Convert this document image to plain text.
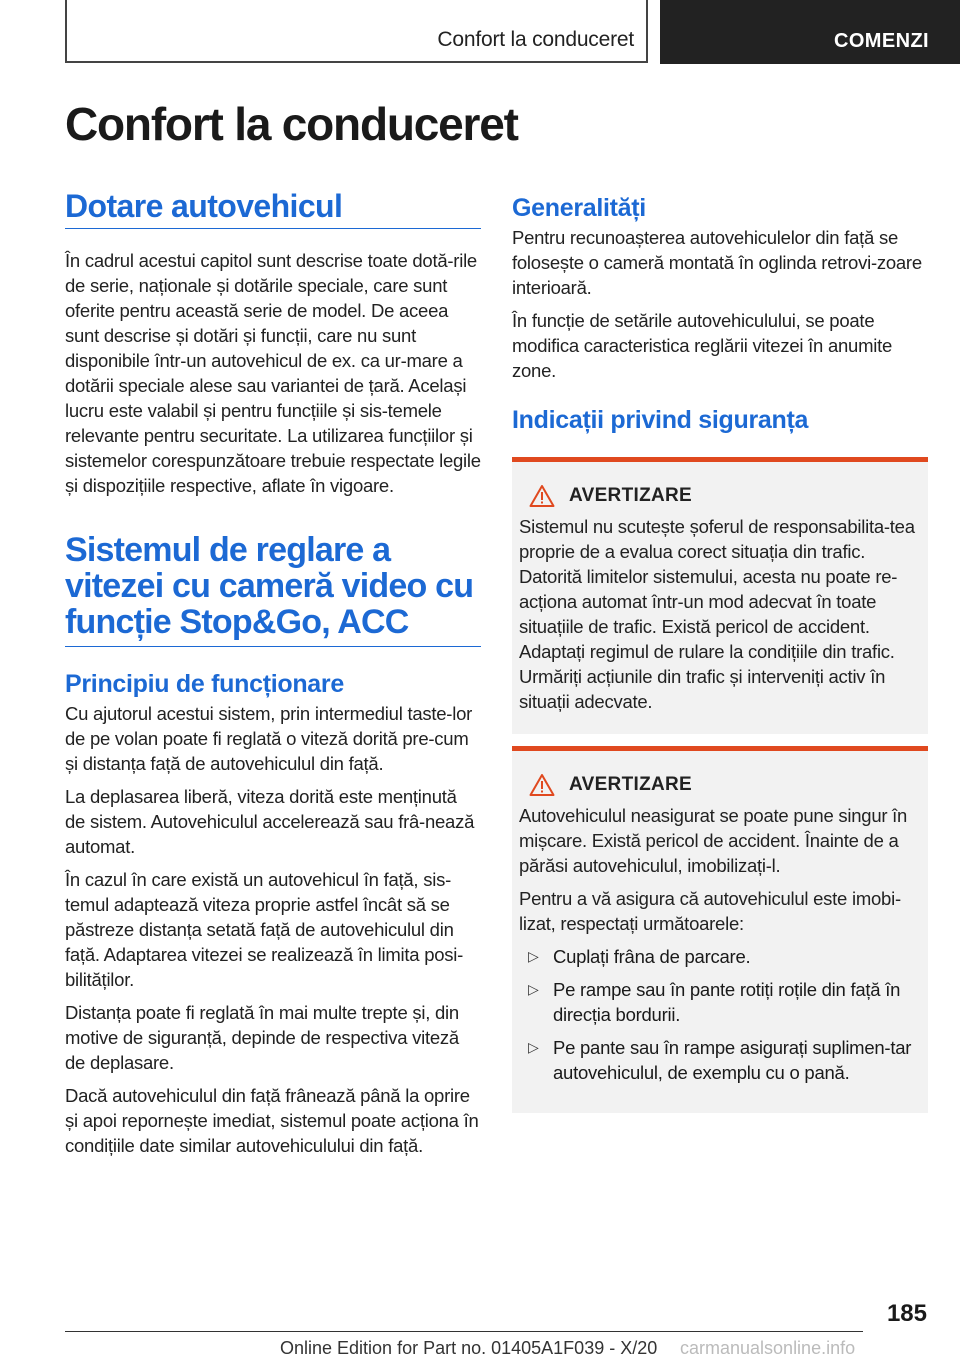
Confort la conduceret	COMENZI
Confort la conduceret
Dotare autovehicul

În cadrul acestui capitol sunt descrise toate dotă-rile de serie, naționale și dotările speciale, care sunt oferite pentru această serie de model. De aceea sunt descrise și dotări și funcții, care nu sunt disponibile într-un autovehicul de ex. ca ur-mare a dotării speciale alese sau variantei de țară. Același lucru este valabil și pentru funcțiile și sis-temele relevante pentru securitate. La utilizarea funcțiilor și sistemelor corespunzătoare trebuie respectate legile și dispozițiile respective, aflate în vigoare.

Sistemul de reglare a vitezei cu cameră video cu funcție Stop&Go, ACC
Principiu de funcționare

Cu ajutorul acestui sistem, prin intermediul taste-lor de pe volan poate fi reglată o viteză dorită pre-cum și distanța față de autovehiculul din față.

La deplasarea liberă, viteza dorită este menținută de sistem. Autovehiculul accelerează sau frâ-nează automat.

În cazul în care există un autovehicul în față, sis-temul adaptează viteza proprie astfel încât să se păstreze distanța setată față de autovehiculul din față. Adaptarea vitezei se realizează în limita posi-bilităților.

Distanța poate fi reglată în mai multe trepte și, din motive de siguranță, depinde de respectiva viteză de deplasare.

Dacă autovehiculul din față frânează până la oprire și apoi repornește imediat, sistemul poate acționa în condițiile date similar autovehiculului din față.

Generalități

Pentru recunoașterea autovehiculelor din față se folosește o cameră montată în oglinda retrovi-zoare interioară.

În funcție de setările autovehiculului, se poate modifica caracteristica reglării vitezei în anumite zone.

Indicații privind siguranța
AVERTIZARE

Sistemul nu scutește șoferul de responsabilita-tea proprie de a evalua corect situația din trafic. Datorită limitelor sistemului, acesta nu poate re-acționa automat într-un mod adecvat în toate situațiile de trafic. Există pericol de accident. Adaptați regimul de rulare la condițiile din trafic. Urmăriți acțiunile din trafic și interveniți activ în situații adecvate.

AVERTIZARE

Autovehiculul neasigurat se poate pune singur în mișcare. Există pericol de accident. Înainte de a părăsi autovehiculul, imobilizați-l.

Pentru a vă asigura că autovehiculul este imobi-lizat, respectați următoarele:

▷ Cuplați frâna de parcare.
▷ Pe rampe sau în pante rotiți roțile din față în direcția bordurii.
▷ Pe pante sau în rampe asigurați suplimen-tar autovehiculul, de exemplu cu o pană.
185
Online Edition for Part no. 01405A1F039 - X/20 carmanualsonline.info
